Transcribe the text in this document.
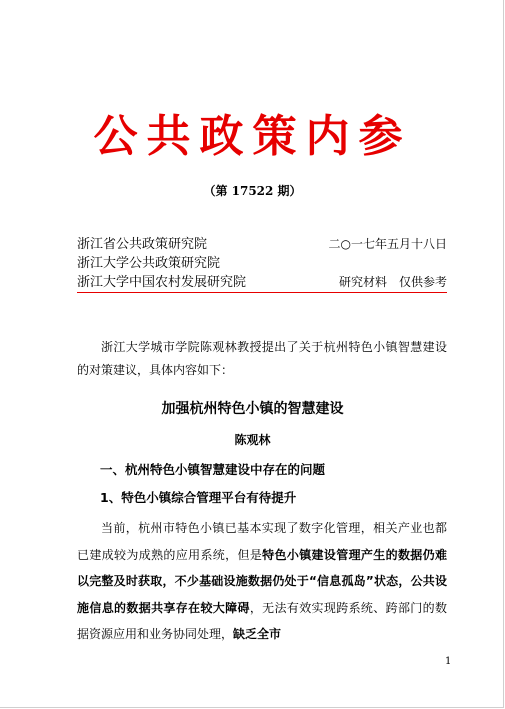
公共政策内参
（第 17522 期）
浙江省公共政策研究院	二○一七年五月十八日
浙江大学公共政策研究院
浙江大学中国农村发展研究院	研究材料　仅供参考
浙江大学城市学院陈观林教授提出了关于杭州特色小镇智慧建设的对策建议，具体内容如下：
加强杭州特色小镇的智慧建设
陈观林
一、杭州特色小镇智慧建设中存在的问题
1、特色小镇综合管理平台有待提升
当前，杭州市特色小镇已基本实现了数字化管理，相关产业也都已建成较为成熟的应用系统，但是特色小镇建设管理产生的数据仍难以完整及时获取，不少基础设施数据仍处于“信息孤岛”状态，公共设施信息的数据共享存在较大障碍，无法有效实现跨系统、跨部门的数据资源应用和业务协同处理，缺乏全市
1
